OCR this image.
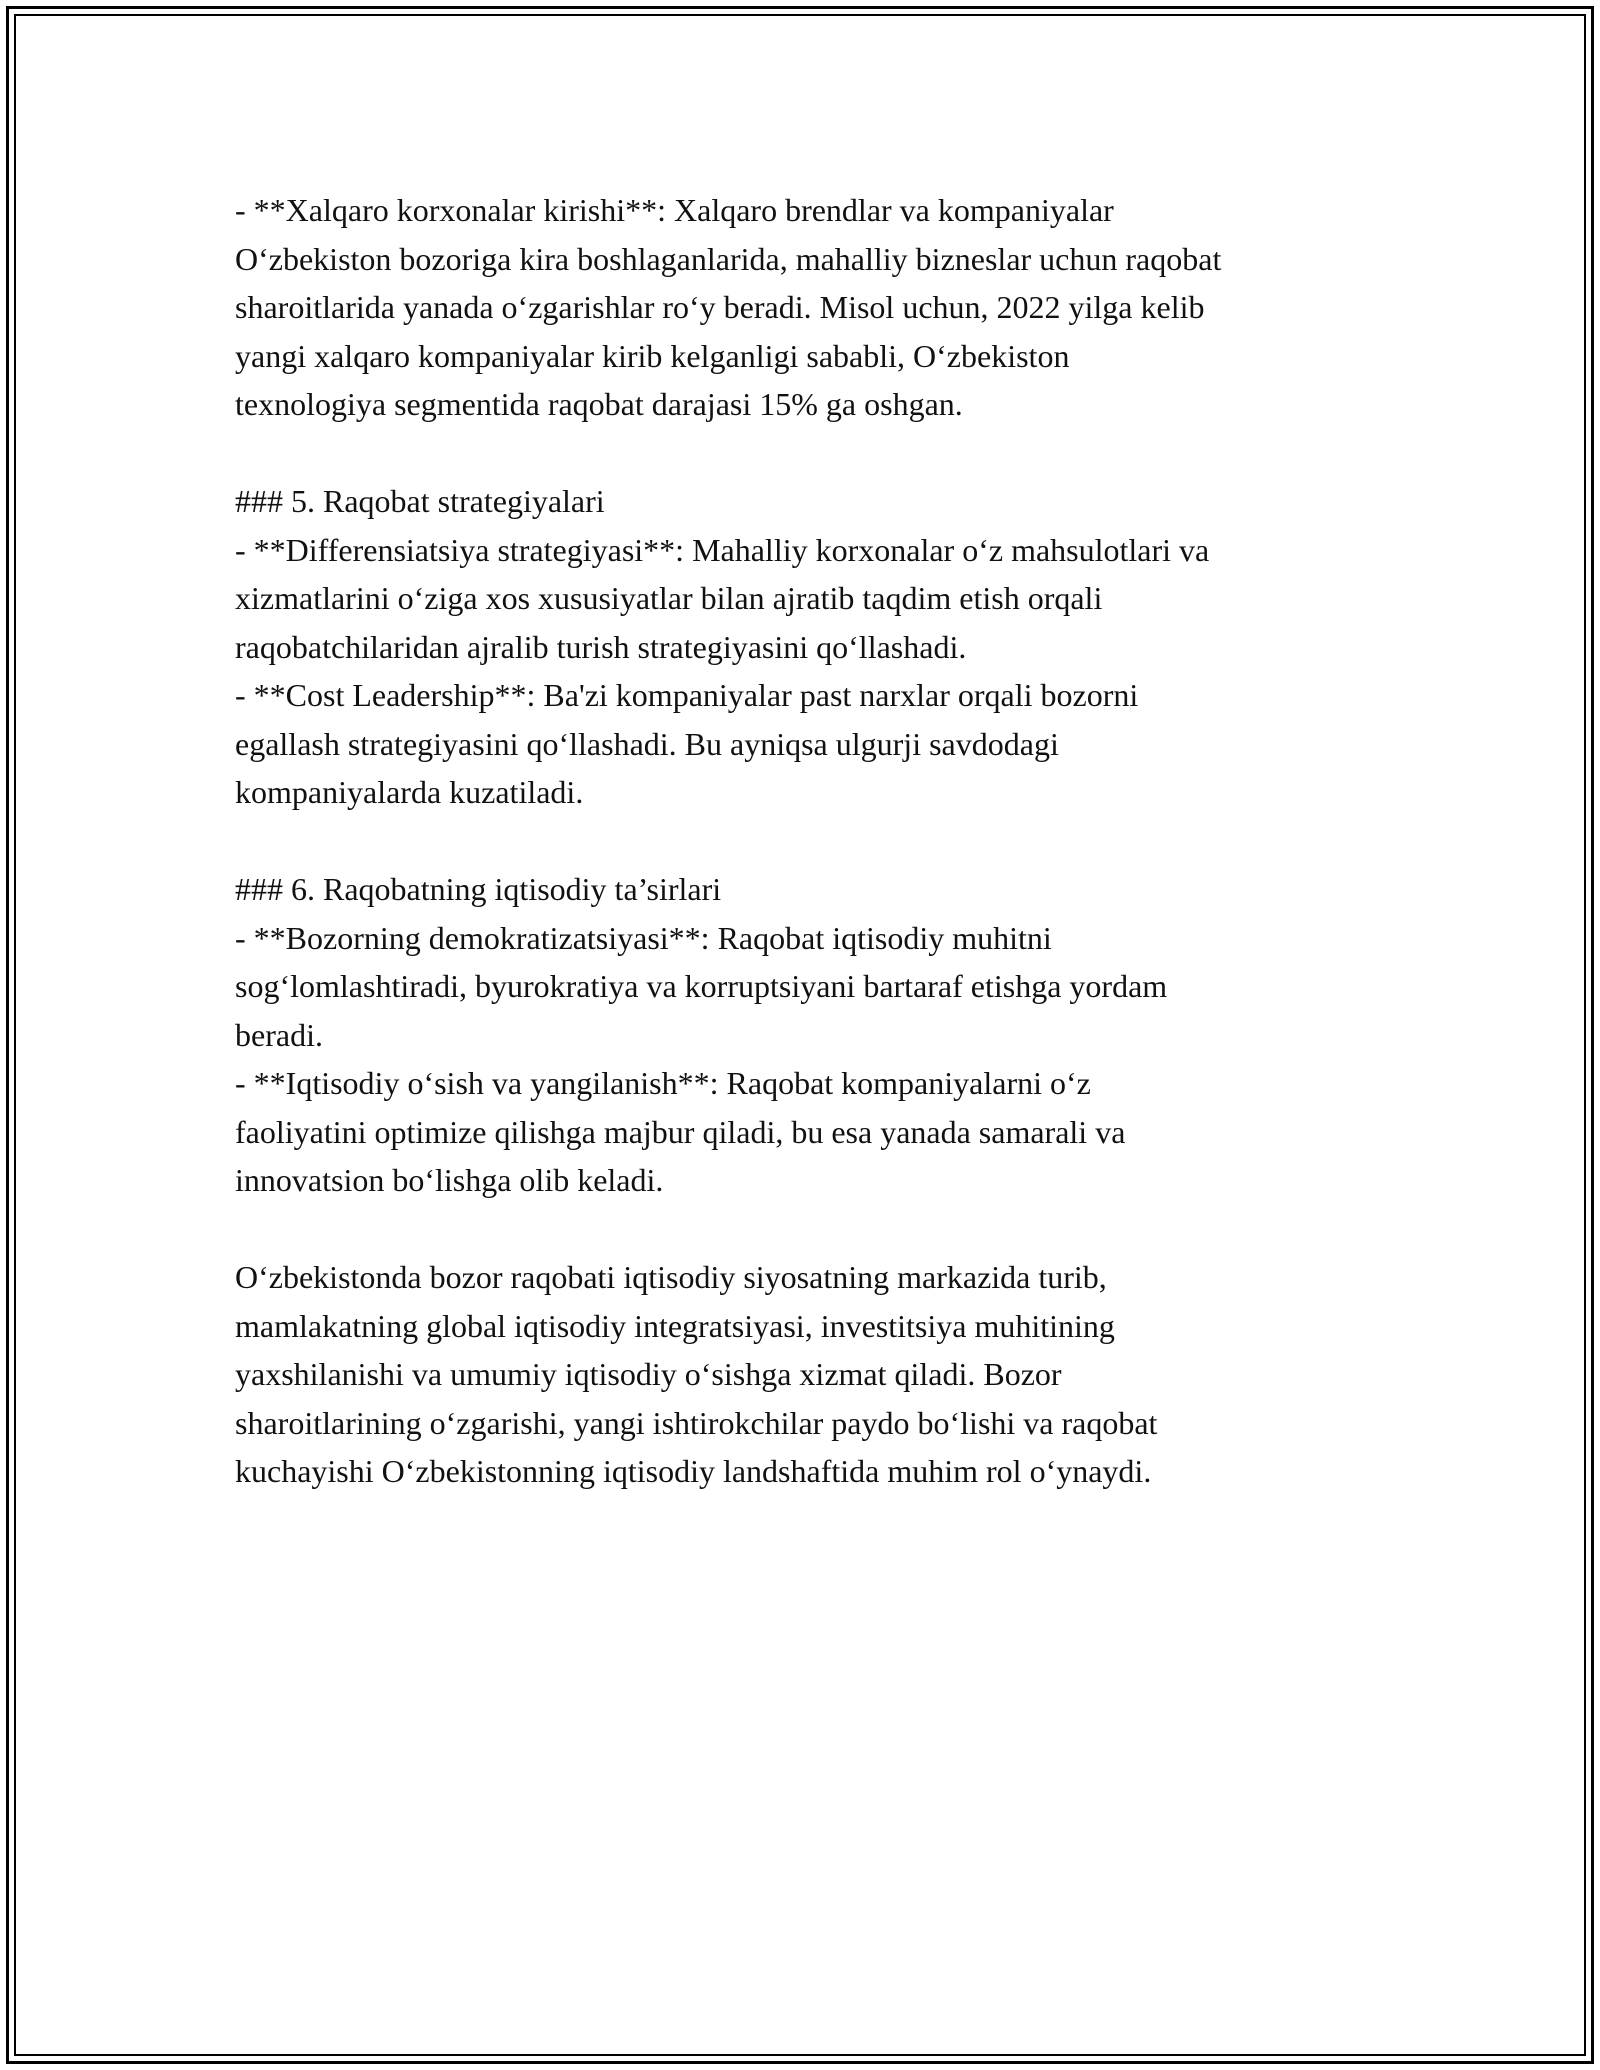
- **Xalqaro korxonalar kirishi**: Xalqaro brendlar va kompaniyalar
O‘zbekiston bozoriga kira boshlaganlarida, mahalliy bizneslar uchun raqobat
sharoitlarida yanada o‘zgarishlar ro‘y beradi. Misol uchun, 2022 yilga kelib
yangi xalqaro kompaniyalar kirib kelganligi sababli, O‘zbekiston
texnologiya segmentida raqobat darajasi 15% ga oshgan.
### 5. Raqobat strategiyalari
- **Differensiatsiya strategiyasi**: Mahalliy korxonalar o‘z mahsulotlari va
xizmatlarini o‘ziga xos xususiyatlar bilan ajratib taqdim etish orqali
raqobatchilaridan ajralib turish strategiyasini qo‘llashadi.
- **Cost Leadership**: Ba'zi kompaniyalar past narxlar orqali bozorni
egallash strategiyasini qo‘llashadi. Bu ayniqsa ulgurji savdodagi
kompaniyalarda kuzatiladi.
### 6. Raqobatning iqtisodiy ta’sirlari
- **Bozorning demokratizatsiyasi**: Raqobat iqtisodiy muhitni
sog‘lomlashtiradi, byurokratiya va korruptsiyani bartaraf etishga yordam
beradi.
- **Iqtisodiy o‘sish va yangilanish**: Raqobat kompaniyalarni o‘z
faoliyatini optimize qilishga majbur qiladi, bu esa yanada samarali va
innovatsion bo‘lishga olib keladi.
O‘zbekistonda bozor raqobati iqtisodiy siyosatning markazida turib,
mamlakatning global iqtisodiy integratsiyasi, investitsiya muhitining
yaxshilanishi va umumiy iqtisodiy o‘sishga xizmat qiladi. Bozor
sharoitlarining o‘zgarishi, yangi ishtirokchilar paydo bo‘lishi va raqobat
kuchayishi O‘zbekistonning iqtisodiy landshaftida muhim rol o‘ynaydi.
